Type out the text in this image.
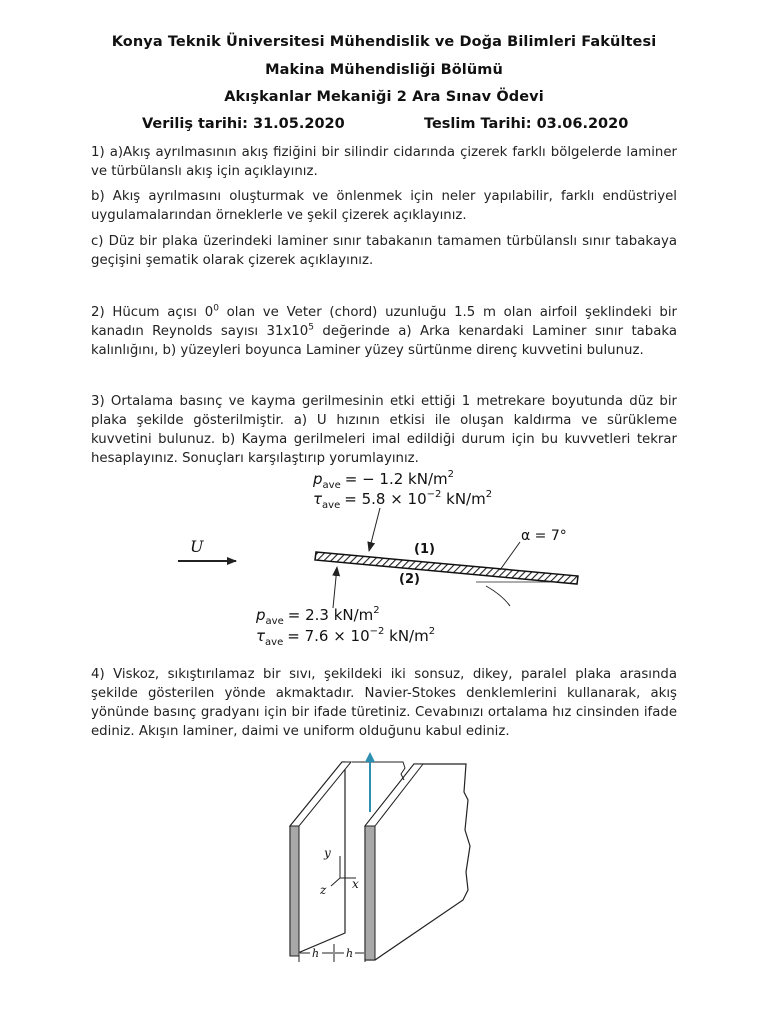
Konya Teknik Üniversitesi Mühendislik ve Doğa Bilimleri Fakültesi
Makina Mühendisliği Bölümü
Akışkanlar Mekaniği 2 Ara Sınav Ödevi
Veriliş tarihi: 31.05.2020	Teslim Tarihi: 03.06.2020
1) a)Akış ayrılmasının akış fiziğini bir silindir cidarında çizerek farklı bölgelerde laminer ve türbülanslı akış için açıklayınız.
b) Akış ayrılmasını oluşturmak ve önlenmek için neler yapılabilir, farklı endüstriyel uygulamalarından örneklerle ve şekil çizerek açıklayınız.
c) Düz bir plaka üzerindeki laminer sınır tabakanın tamamen türbülanslı sınır tabakaya geçişini şematik olarak çizerek açıklayınız.
2) Hücum açısı $0^0$ olan ve Veter (chord) uzunluğu 1.5 m olan airfoil şeklindeki bir kanadın Reynolds sayısı $31x10^5$ değerinde a) Arka kenardaki Laminer sınır tabaka kalınlığını, b) yüzeyleri boyunca Laminer yüzey sürtünme direnç kuvvetini bulunuz.
3) Ortalama basınç ve kayma gerilmesinin etki ettiği 1 metrekare boyutunda düz bir plaka şekilde gösterilmiştir. a) U hızının etkisi ile oluşan kaldırma ve sürükleme kuvvetini bulunuz. b) Kayma gerilmeleri imal edildiği durum için bu kuvvetleri tekrar hesaplayınız. Sonuçları karşılaştırıp yorumlayınız.
$p_{ave}$ = − 1.2 $kN/m^2$
$\tau_{ave} = 5.8 \times 10^{-2}$ $kN/m^2$
U	(1)
(2)
α = 7°
$p_{ave} = 2.3$ $kN/m^2$
$\tau_{ave} = 7.6 \times 10^{-2}$ $kN/m^2$
y
x
z
h h
4) Viskoz, sıkıştırılamaz bir sıvı, şekildeki iki sonsuz, dikey, paralel plaka arasında şekilde gösterilen yönde akmaktadır. Navier-Stokes denklemlerini kullanarak, akış yönünde basınç gradyanı için bir ifade türetiniz. Cevabınızı ortalama hız cinsinden ifade ediniz. Akışın laminer, daimi ve uniform olduğunu kabul ediniz.
